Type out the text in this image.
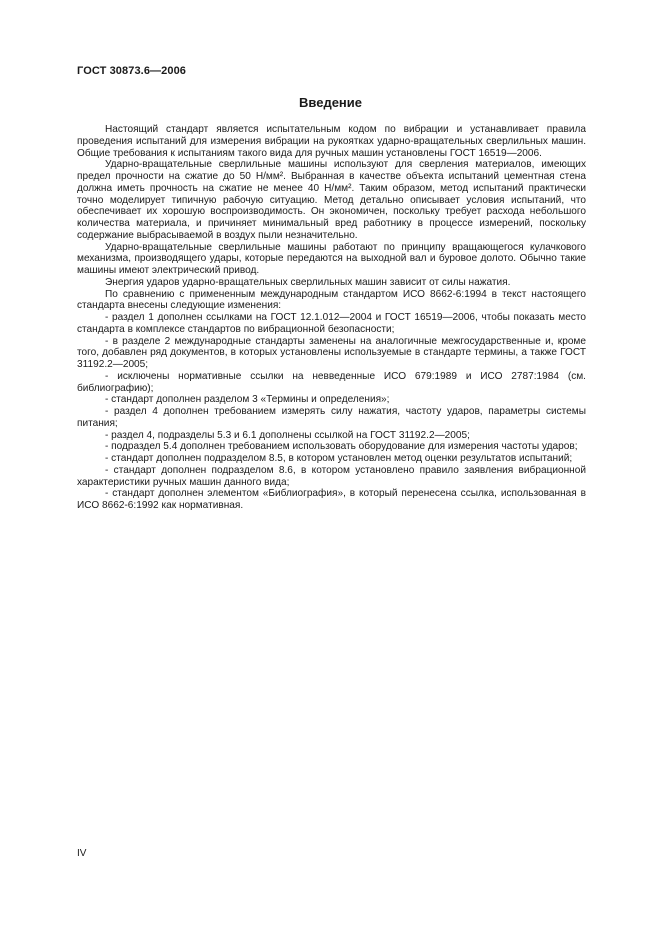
ГОСТ 30873.6—2006
Введение

Настоящий стандарт является испытательным кодом по вибрации и устанавливает правила проведения испытаний для измерения вибрации на рукоятках ударно-вращательных сверлильных машин. Общие требования к испытаниям такого вида для ручных машин установлены ГОСТ 16519—2006.

Ударно-вращательные сверлильные машины используют для сверления материалов, имеющих предел прочности на сжатие до 50 Н/мм². Выбранная в качестве объекта испытаний цементная стена должна иметь прочность на сжатие не менее 40 Н/мм². Таким образом, метод испытаний практически точно моделирует типичную рабочую ситуацию. Метод детально описывает условия испытаний, что обеспечивает их хорошую воспроизводимость. Он экономичен, поскольку требует расхода небольшого количества материала, и причиняет минимальный вред работнику в процессе измерений, поскольку содержание выбрасываемой в воздух пыли незначительно.

Ударно-вращательные сверлильные машины работают по принципу вращающегося кулачкового механизма, производящего удары, которые передаются на выходной вал и буровое долото. Обычно такие машины имеют электрический привод.

Энергия ударов ударно-вращательных сверлильных машин зависит от силы нажатия.

По сравнению с примененным международным стандартом ИСО 8662-6:1994 в текст настоящего стандарта внесены следующие изменения:

- раздел 1 дополнен ссылками на ГОСТ 12.1.012—2004 и ГОСТ 16519—2006, чтобы показать место стандарта в комплексе стандартов по вибрационной безопасности;

- в разделе 2 международные стандарты заменены на аналогичные межгосударственные и, кроме того, добавлен ряд документов, в которых установлены используемые в стандарте термины, а также ГОСТ 31192.2—2005;

- исключены нормативные ссылки на невведенные ИСО 679:1989 и ИСО 2787:1984 (см. библиографию);

- стандарт дополнен разделом 3 «Термины и определения»;

- раздел 4 дополнен требованием измерять силу нажатия, частоту ударов, параметры системы питания;

- раздел 4, подразделы 5.3 и 6.1 дополнены ссылкой на ГОСТ 31192.2—2005;

- подраздел 5.4 дополнен требованием использовать оборудование для измерения частоты ударов;

- стандарт дополнен подразделом 8.5, в котором установлен метод оценки результатов испытаний;

- стандарт дополнен подразделом 8.6, в котором установлено правило заявления вибрационной характеристики ручных машин данного вида;

- стандарт дополнен элементом «Библиография», в который перенесена ссылка, использованная в ИСО 8662-6:1992 как нормативная.

IV
